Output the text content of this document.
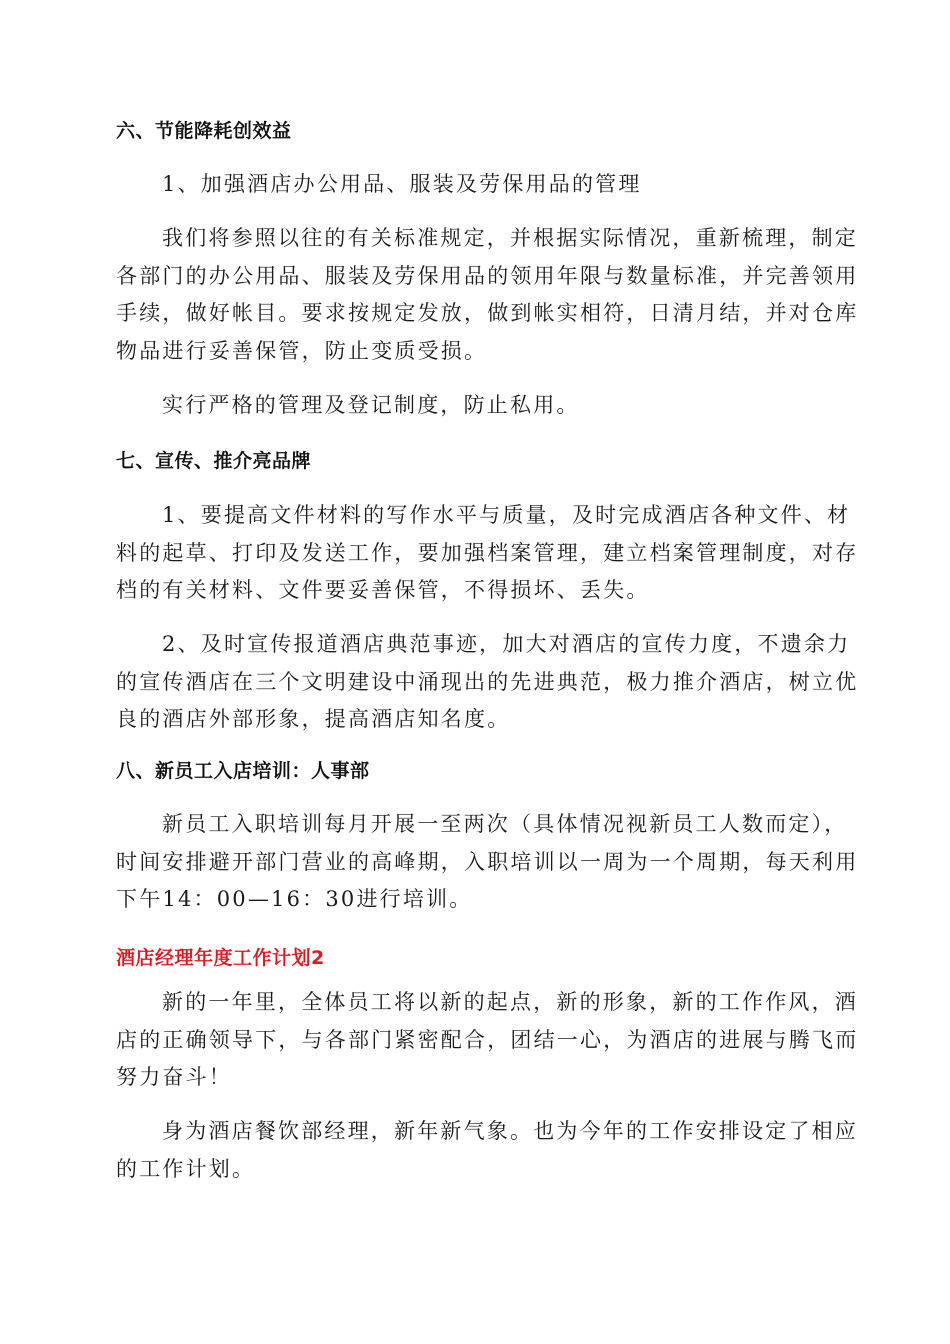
六、节能降耗创效益
1、加强酒店办公用品、服装及劳保用品的管理
我们将参照以往的有关标准规定，并根据实际情况，重新梳理，制定
各部门的办公用品、服装及劳保用品的领用年限与数量标准，并完善领用
手续，做好帐目。要求按规定发放，做到帐实相符，日清月结，并对仓库
物品进行妥善保管，防止变质受损。
实行严格的管理及登记制度，防止私用。
七、宣传、推介亮品牌
1、要提高文件材料的写作水平与质量，及时完成酒店各种文件、材
料的起草、打印及发送工作，要加强档案管理，建立档案管理制度，对存
档的有关材料、文件要妥善保管，不得损坏、丢失。
2、及时宣传报道酒店典范事迹，加大对酒店的宣传力度，不遗余力
的宣传酒店在三个文明建设中涌现出的先进典范，极力推介酒店，树立优
良的酒店外部形象，提高酒店知名度。
八、新员工入店培训：人事部
新员工入职培训每月开展一至两次（具体情况视新员工人数而定），
时间安排避开部门营业的高峰期，入职培训以一周为一个周期，每天利用
下午14：00—16：30进行培训。
酒店经理年度工作计划2
新的一年里，全体员工将以新的起点，新的形象，新的工作作风，酒
店的正确领导下，与各部门紧密配合，团结一心，为酒店的进展与腾飞而
努力奋斗！
身为酒店餐饮部经理，新年新气象。也为今年的工作安排设定了相应
的工作计划。
